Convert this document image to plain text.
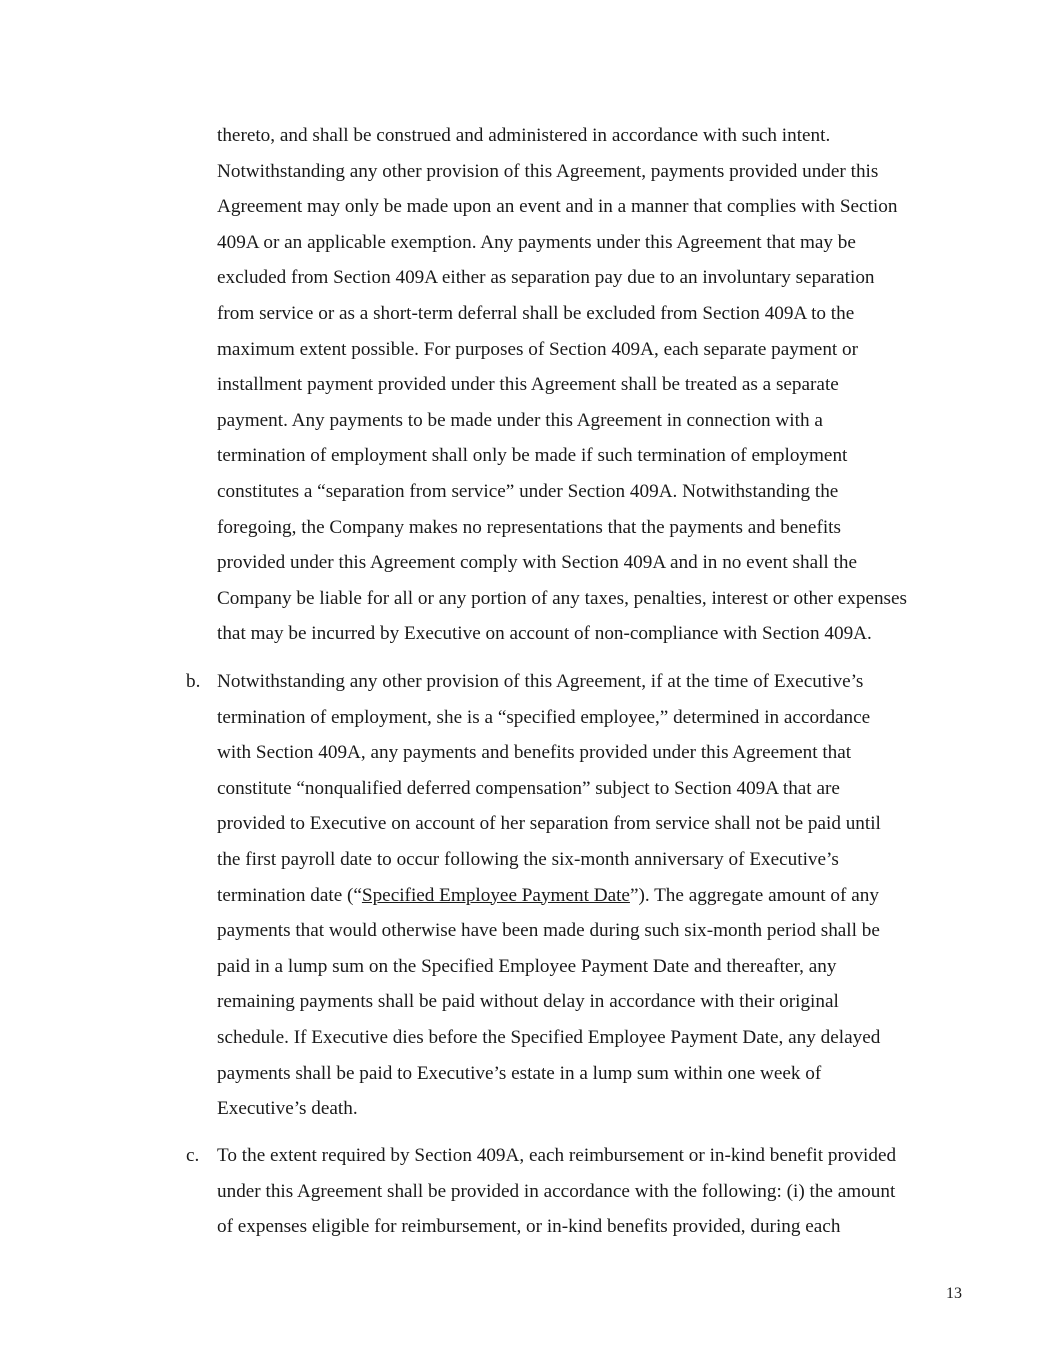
thereto, and shall be construed and administered in accordance with such intent.
Notwithstanding any other provision of this Agreement, payments provided under this
Agreement may only be made upon an event and in a manner that complies with Section
409A or an applicable exemption. Any payments under this Agreement that may be
excluded from Section 409A either as separation pay due to an involuntary separation
from service or as a short-term deferral shall be excluded from Section 409A to the
maximum extent possible. For purposes of Section 409A, each separate payment or
installment payment provided under this Agreement shall be treated as a separate
payment. Any payments to be made under this Agreement in connection with a
termination of employment shall only be made if such termination of employment
constitutes a “separation from service” under Section 409A. Notwithstanding the
foregoing, the Company makes no representations that the payments and benefits
provided under this Agreement comply with Section 409A and in no event shall the
Company be liable for all or any portion of any taxes, penalties, interest or other expenses
that may be incurred by Executive on account of non-compliance with Section 409A.
b. Notwithstanding any other provision of this Agreement, if at the time of Executive’s
termination of employment, she is a “specified employee,” determined in accordance
with Section 409A, any payments and benefits provided under this Agreement that
constitute “nonqualified deferred compensation” subject to Section 409A that are
provided to Executive on account of her separation from service shall not be paid until
the first payroll date to occur following the six-month anniversary of Executive’s
termination date (“Specified Employee Payment Date”). The aggregate amount of any
payments that would otherwise have been made during such six-month period shall be
paid in a lump sum on the Specified Employee Payment Date and thereafter, any
remaining payments shall be paid without delay in accordance with their original
schedule. If Executive dies before the Specified Employee Payment Date, any delayed
payments shall be paid to Executive’s estate in a lump sum within one week of
Executive’s death.
c. To the extent required by Section 409A, each reimbursement or in-kind benefit provided
under this Agreement shall be provided in accordance with the following: (i) the amount
of expenses eligible for reimbursement, or in-kind benefits provided, during each
13
